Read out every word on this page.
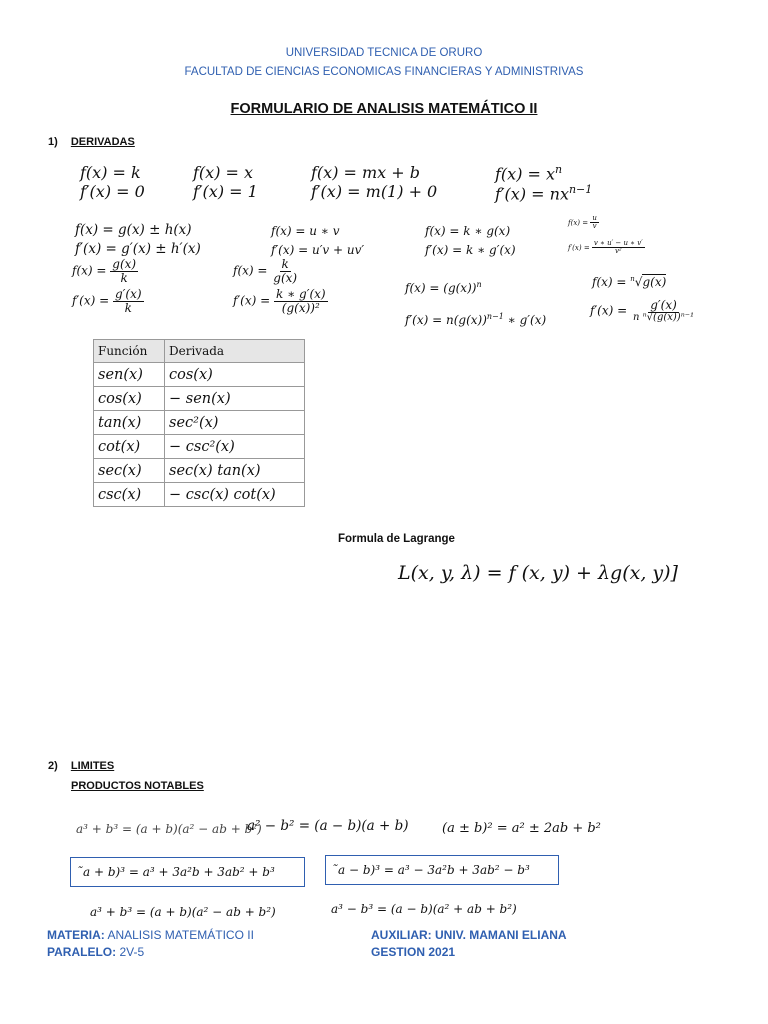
UNIVERSIDAD TECNICA DE ORURO
FACULTAD DE CIENCIAS ECONOMICAS FINANCIERAS Y ADMINISTRIVAS
FORMULARIO DE ANALISIS MATEMÁTICO II
1) DERIVADAS
f(x) = k
f′(x) = 0
f(x) = x
f′(x) = 1
f(x) = mx + b
f′(x) = m(1) + 0
$f(x) = x^n$
$f'(x) = nx^{n-1}$
f(x) = g(x) ± h(x)
f′(x) = g′(x) ± h′(x)
f(x) = u ∗ v
f′(x) = u′v + uv′
f(x) = k ∗ g(x)
f′(x) = k ∗ g′(x)
$f(x) = \frac{u}{v}$
$f'(x) = \frac{v ∗ u' - u ∗ v'}{\text{v²}}$
$f(x) = \frac{g(x)}{k}$	$f(x) = \frac{k}{g(x)}$
$f'(x) = \frac{g'(x)}{k}$	$f'(x) = \frac{k ∗ g'(x)}{\text{(g(x))²}}$	$f(x) = (g(x))^n$
$f'(x) = n(g(x))^{n-1}$ ∗ g′(x)
f(x) = $^n$√g(x)
$f'(x) = \frac{g'(x)}{\text{n ⁿ√(g(x))ⁿ⁻¹}}$
Función	Derivada
sen(x)	cos(x)
cos(x)	− sen(x)
tan(x)	sec²(x)
cot(x)	− csc²(x)
sec(x)	sec(x) tan(x)
csc(x)	− csc(x) cot(x)
Formula de Lagrange
L(x, y, λ) = f (x, y) + λg(x, y)]
2) LIMITES
PRODUCTOS NOTABLES
a³ + b³ = (a + b)(a² − ab + b²)
a² − b² = (a − b)(a + b)	(a ± b)² = a² ± 2ab + b²
̃a + b)³ = a³ + 3a²b + 3ab² + b³	̃a − b)³ = a³ − 3a²b + 3ab² − b³
a³ + b³ = (a + b)(a² − ab + b²)	a³ − b³ = (a − b)(a² + ab + b²)
MATERIA: ANALISIS MATEMÁTICO II
PARALELO: 2V-5
AUXILIAR: UNIV. MAMANI ELIANA
GESTION 2021
